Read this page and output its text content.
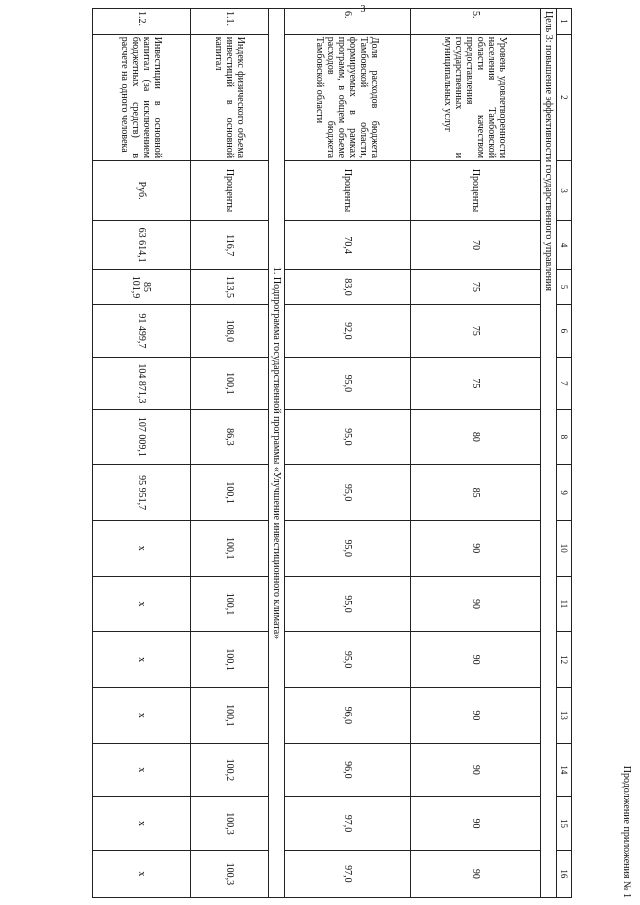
3
Продолжение приложения № 1
1	2	3	4	5	6	7	8	9	10	11	12	13	14	15	16
Цель 3: повышение эффективности государственного управления															
5.	Уровень удовлетворенности населения Тамбовской области качеством предоставления государственных и муниципальных услуг	Проценты	70	75	75	75	80	85	90	90	90	90	90	90	90
6.	Доля расходов бюджета Тамбовской области, формируемых в рамках программ, в общем объеме расходов бюджета Тамбовской области	Проценты	70,4	83,0	92,0	95,0	95,0	95,0	95,0	95,0	95,0	96,0	96,0	97,0	97,0
1. Подпрограмма государственной программы «Улучшение инвестиционного климата»															
1.1.	Индекс физического объема инвестиций в основной капитал	Проценты	116,7	113,5	108,0	100,1	86,3	100,1	100,1	100,1	100,1	100,1	100,2	100,3	100,3
1.2.	Инвестиции в основной капитал (за исключением бюджетных средств) в расчете на одного человека	Руб.	63 614,1	85 101,9	91 499,7	104 871,3	107 009,1	95 951,7	x	x	x	x	x	x	x
